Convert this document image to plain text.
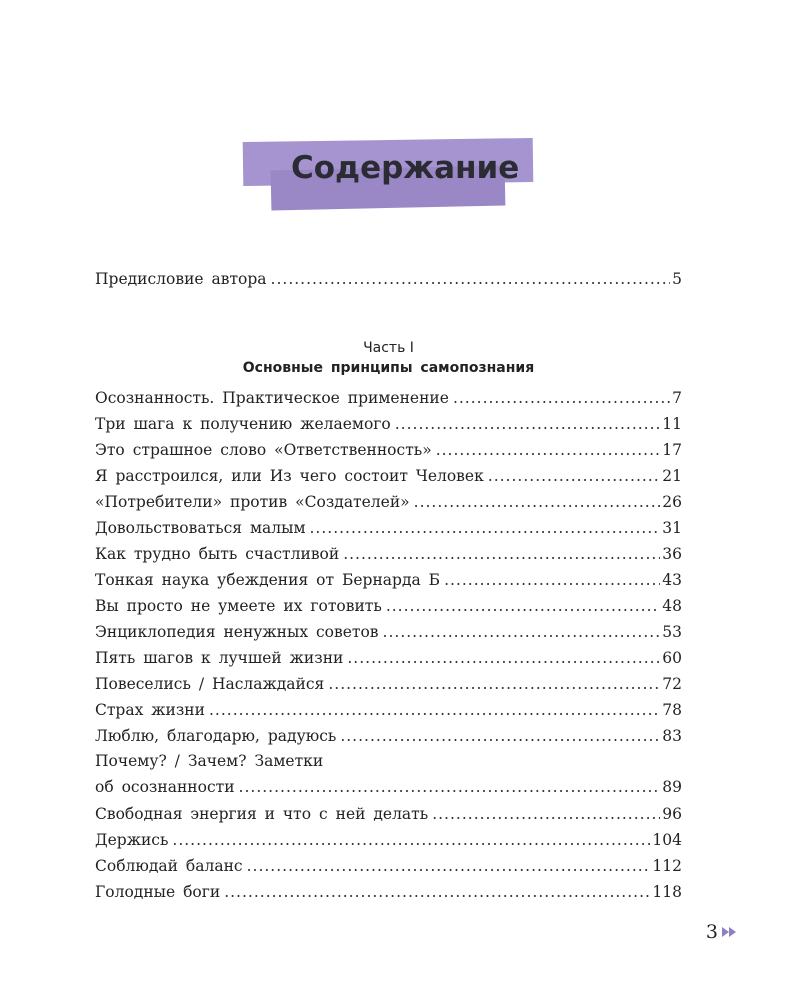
Содержание
Предисловие автора .....	5
Часть I
Основные принципы самопознания
Осознанность. Практическое применение .....	7
Три шага к получению желаемого .....	11
Это страшное слово «Ответственность» .....	17
Я расстроился, или Из чего состоит Человек .....	21
«Потребители» против «Создателей» .....	26
Довольствоваться малым .....	31
Как трудно быть счастливой .....	36
Тонкая наука убеждения от Бернарда Б .....	43
Вы просто не умеете их готовить .....	48
Энциклопедия ненужных советов .....	53
Пять шагов к лучшей жизни .....	60
Повеселись / Наслаждайся .....	72
Страх жизни .....	78
Люблю, благодарю, радуюсь .....	83
Почему? / Зачем? Заметки
об осознанности .....	89
Свободная энергия и что с ней делать .....	96
Держись .....	104
Соблюдай баланс .....	112
Голодные боги .....	118
3
